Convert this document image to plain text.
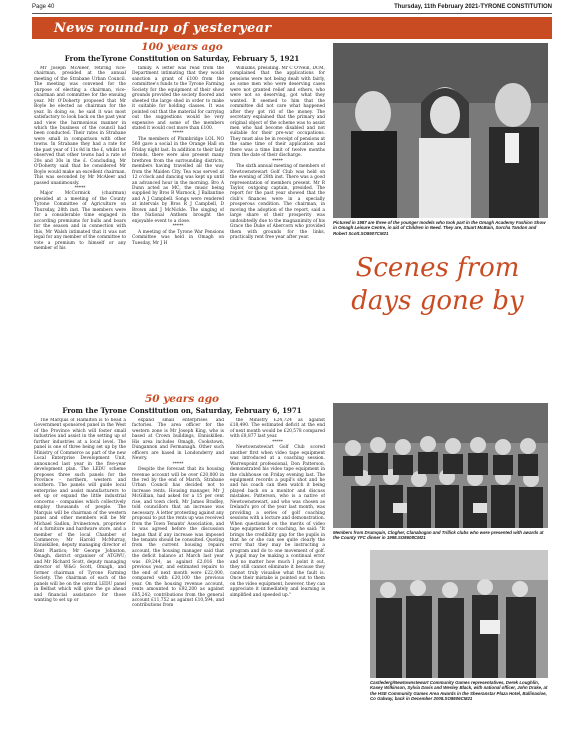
Page 40	Thursday, 11th February 2021-TYRONE CONSTITUTION
News round-up of yesteryear
100 years ago
From theTyrone Constitution on Saturday, February 5, 1921

Mr Joseph McAleer, retiring vice-chairman, presided at the annual meeting of the Strabane Urban Council. The meeting was convened for the purpose of electing a chairman, vice-chairman and committee for the ensuing year. Mr O'Doherty proposed that Mr Boyle be elected as chairman for the year. In doing so, he said it was most satisfactory to look back on the past year and view the harmonious manner in which the business of the council had been conducted. Their rates in Strabane were small in comparison with other towns. In Strabane they had a rate for the past year of 11s 8d in the £, whilst he observed that other towns had a rate of 20s and 30s in the £. Concluding, Mr O'Doherty said that he considered Mr Boyle would make an excellent chairman. This was seconded by Mr McAleer and passed unanimously.

*****

Major McCormick (chairman) presided at a meeting of the County Tyrone Committee of Agriculture on Thursday, 28th inst. The members were for a considerable time engaged in according premiums for bulls and boars for the season and in connection with this, Mr Walsh intimated that it was not legal for any member of the committee to vote a premium to himself or any member of his

family. A letter was read from the Department intimating that they would sanction a grant of £100 from the committee's funds to the Tyrone Farming Society for the equipment of their show grounds provided the society floored and sheeted the large shed in order to make it suitable for holding classes. It was pointed out that the material for carrying out the suggestions would be very expensive and some of the members stated it would cost more than £100.

*****

The members of Plumbridge LOL NO 560 gave a social in the Orange Hall on Friday night last. In addition to their lady friends, there were also present many brethren from the surrounding districts, members having travelled all the way from the Maiden City. Tea was served at 12 o'clock and dancing was kept up until an advanced hour in the morning. Bro A Dunn acted as MC, the music being supplied by Bros B Warnock, J Ballantine and A J Campbell. Songs were rendered at intervals by Bros R J Campbell, D Brown and J McNickle. The singing of the National Anthem brought the enjoyable event to a close.

*****

A meeting of the Tyrone War Pensions Committee was held in Omagh on Tuesday, Mr J H

Williams, presiding. Mr C O'Neill, DCM, complained that the applications for pensions were not being dealt with fairly, as some men who were deserving cases were not granted relief and others, who were not so deserving, got what they wanted. It seemed to him that the committee did not care what happened after they got rid of the money. The secretary explained that the primary and original object of the scheme was to assist men who had become disabled and not suitable for their pre-war occupations. They must also be in receipt of pensions at the same time of their application and there was a time limit of twelve months from the date of their discharge.

*****

The sixth annual meeting of members of Newtownstewart Golf Club was held on the evening of 28th inst. There was a good representation of members present. Mr R Taylor, outgoing captain, presided. The report for the past year showed that the club's finances were in a specially prosperous condition. The chairman, in moving the adoption of the report, said a large share of their prosperity was undoubtedly due to the magnanimity of his Grace the Duke of Abercorn who provided them with grounds for the links, practically rent free year after year.

50 years ago
From the Tyrone Constitution on, Saturday, February 6, 1971

The Marquis of Hamilton is to head a Government sponsored panel in the West of the Province which will foster small industries and assist in the setting up of further industries at a local level. The panel is one of three being set up by the Ministry of Commerce as part of the new Local Enterprise Development Unit, announced last year in the five-year development plan. The LEDU scheme proposes three such panels for the Province - northern, western and southern. The panels will guide local enterprise and assist manufacturers to set up or expand the little industrial concerns - companies which collectively employ thousands of people. The Marquis will be chairman of the western panel and other members will be Mr Michael Sadlon, Irvinestown, proprietor of a furniture and hardware store, and a member of the local Chamber of Commerce; Mr Harold McMurray, Enniskillen, deputy managing director of Kent Plastics; Mr George Johnston, Omagh, district organiser of ATGWU; and Mr Richard Scott, deputy managing director of W&G Scott, Omagh, and former chairman of Tyrone Farming Society. The chairman of each of the panels will be on the central LEDU panel in Belfast which will give the go ahead and financial assistance for those wanting to set up or

expand small enterprises and factories. The area officer for the western zone is Mr Joseph King, who is based at Crown buildings, Enniskillen. His area includes Omagh, Cookstown, Dungannon and Fermanagh. Other such officers are based in Londonderry and Newry.

*****

Despite the forecast that its housing revenue account will be over £20,000 in the red by the end of March, Strabane Urban Council has decided not to increase rents. Housing manager, Mr J McGillian, had asked for a 15 per cent rise, and town clerk, Mr James Bradley, told councillors that an increase was necessary. A letter protesting against any proposal to put the rents up was received from the Town Tenants' Association, and it was agreed before the discussion began that if any increase was imposed the tenants should be consulted. Quoting from the current housing repairs account, the housing manager said that the deficit balance at March last year was £9,244, as against £2,016 the previous year, and estimated repairs to the end of next month were £22,000, compared with £20,100 the previous year. On the housing revenue account, rents amounted to £92,200 as against £85,242; contributions from the general account £11,752 as against £10,594, and contributions from

the Ministry £24,724 as against £18,490. The estimated deficit at the end of next month would be £20,578 compared with £8,877 last year.

*****

Newtownstewart Golf Club scored another first when video tape equipment was introduced at a coaching session. Warrenpoint professional, Don Patterson, demonstrated his video tape equipment in the clubhouse on Friday evening last. The equipment records a pupil's shot and he and his coach can then watch it being played back on a monitor and discuss mistakes. Patterson, who is a native of Newtownstewart, and who was chosen as Ireland's pro of the year last month, was providing a series of golf coaching sessions with a lecture and demonstration. When questioned on the merits of video tape equipment for coaching, he said: "It brings the credibility gap for the pupils in that he or she can see quite clearly the error that they may be instructing a program and do to one movement of golf. A pupil may be making a continual error and no matter how much I point it out, they still cannot eliminate it because they cannot truly visualise what the fault is. Once their mistake is pointed out to them on the video equipment, however, they can appreciate it immediately and learning is simplified and speeded up."

Pictured in 1987 are three of the younger models who took part in the Omagh Academy Fashion Show in Omagh Leisure Centre, in aid of Children in Need. They are, Stuart McBain, Sorcha Tandon and Robert Scott.SO8607CM21
Scenes from days gone by
Members from Drumquin, Clogher, Clanabogan and Trillick clubs who were presented with awards at the County YFC dinner in 1998.SO8608CM21
Castlederg/Newtownstewart Community Games representatives, Derek Loughlin, Kasey Wilkinson, Sylvia Davis and Wesley Black, with national officer, John Drake, at the HSE Community Games Area Awards in the Sheeranstar Plaza Hotel, Ballinasloe, Co Galway, back in December 2008.SO8606CM21
